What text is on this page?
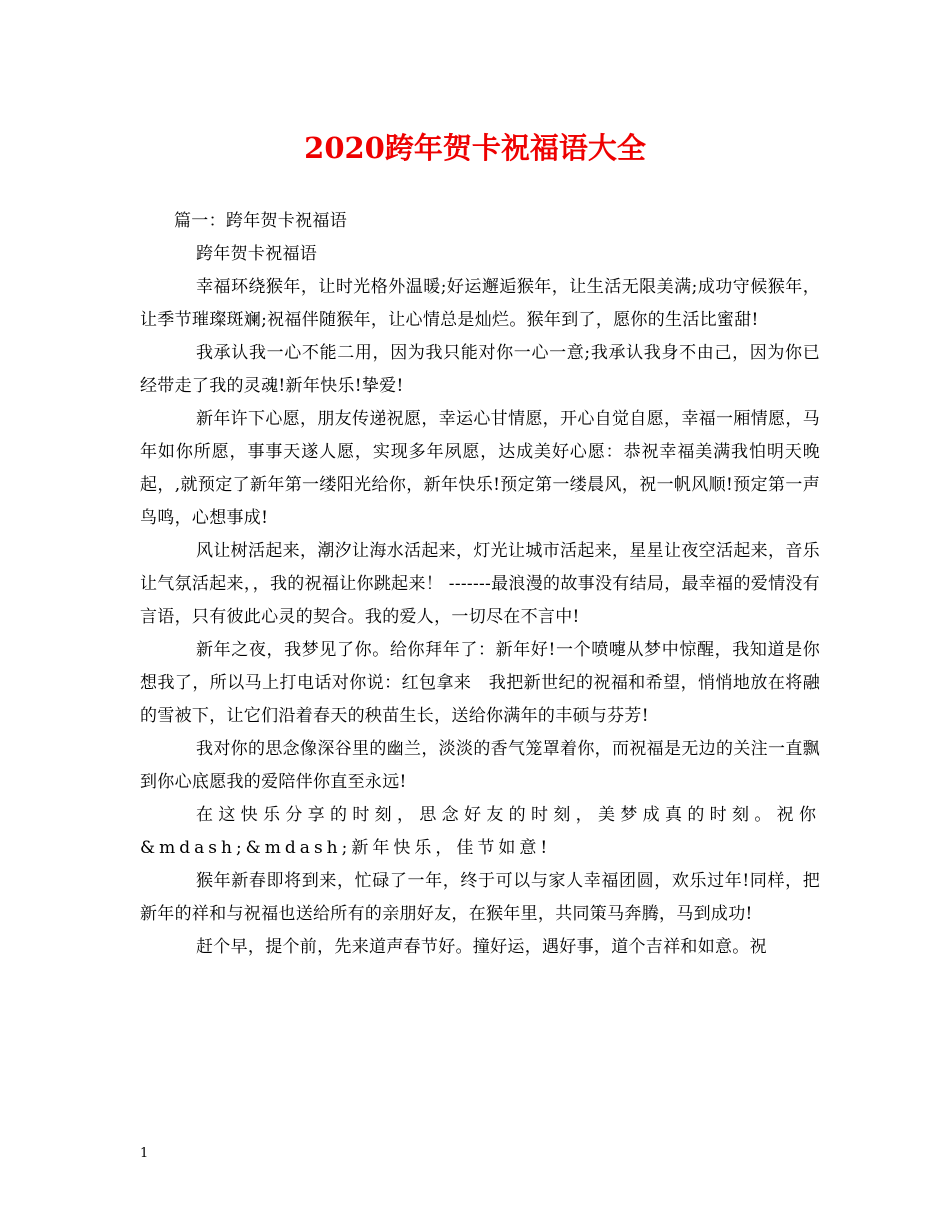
2020跨年贺卡祝福语大全

篇一：跨年贺卡祝福语

跨年贺卡祝福语

幸福环绕猴年，让时光格外温暖;好运邂逅猴年，让生活无限美满;成功守候猴年，让季节璀璨斑斓;祝福伴随猴年，让心情总是灿烂。猴年到了，愿你的生活比蜜甜!

我承认我一心不能二用，因为我只能对你一心一意;我承认我身不由己，因为你已经带走了我的灵魂!新年快乐!挚爱!

新年许下心愿，朋友传递祝愿，幸运心甘情愿，开心自觉自愿，幸福一厢情愿，马年如你所愿，事事天遂人愿，实现多年夙愿，达成美好心愿：恭祝幸福美满我怕明天晚起，,就预定了新年第一缕阳光给你，新年快乐!预定第一缕晨风，祝一帆风顺!预定第一声鸟鸣，心想事成!

风让树活起来，潮汐让海水活起来，灯光让城市活起来，星星让夜空活起来，音乐让气氛活起来，，我的祝福让你跳起来！ -------最浪漫的故事没有结局，最幸福的爱情没有言语，只有彼此心灵的契合。我的爱人，一切尽在不言中!

新年之夜，我梦见了你。给你拜年了：新年好!一个喷嚏从梦中惊醒，我知道是你想我了，所以马上打电话对你说：红包拿来　我把新世纪的祝福和希望，悄悄地放在将融的雪被下，让它们沿着春天的秧苗生长，送给你满年的丰硕与芬芳!

我对你的思念像深谷里的幽兰，淡淡的香气笼罩着你，而祝福是无边的关注一直飘到你心底愿我的爱陪伴你直至永远!

在这快乐分享的时刻，思念好友的时刻，美梦成真的时刻。祝你&mdash;&mdash;新年快乐，佳节如意!

猴年新春即将到来，忙碌了一年，终于可以与家人幸福团圆，欢乐过年!同样，把新年的祥和与祝福也送给所有的亲朋好友，在猴年里，共同策马奔腾，马到成功!

赶个早，提个前，先来道声春节好。撞好运，遇好事，道个吉祥和如意。祝

1
